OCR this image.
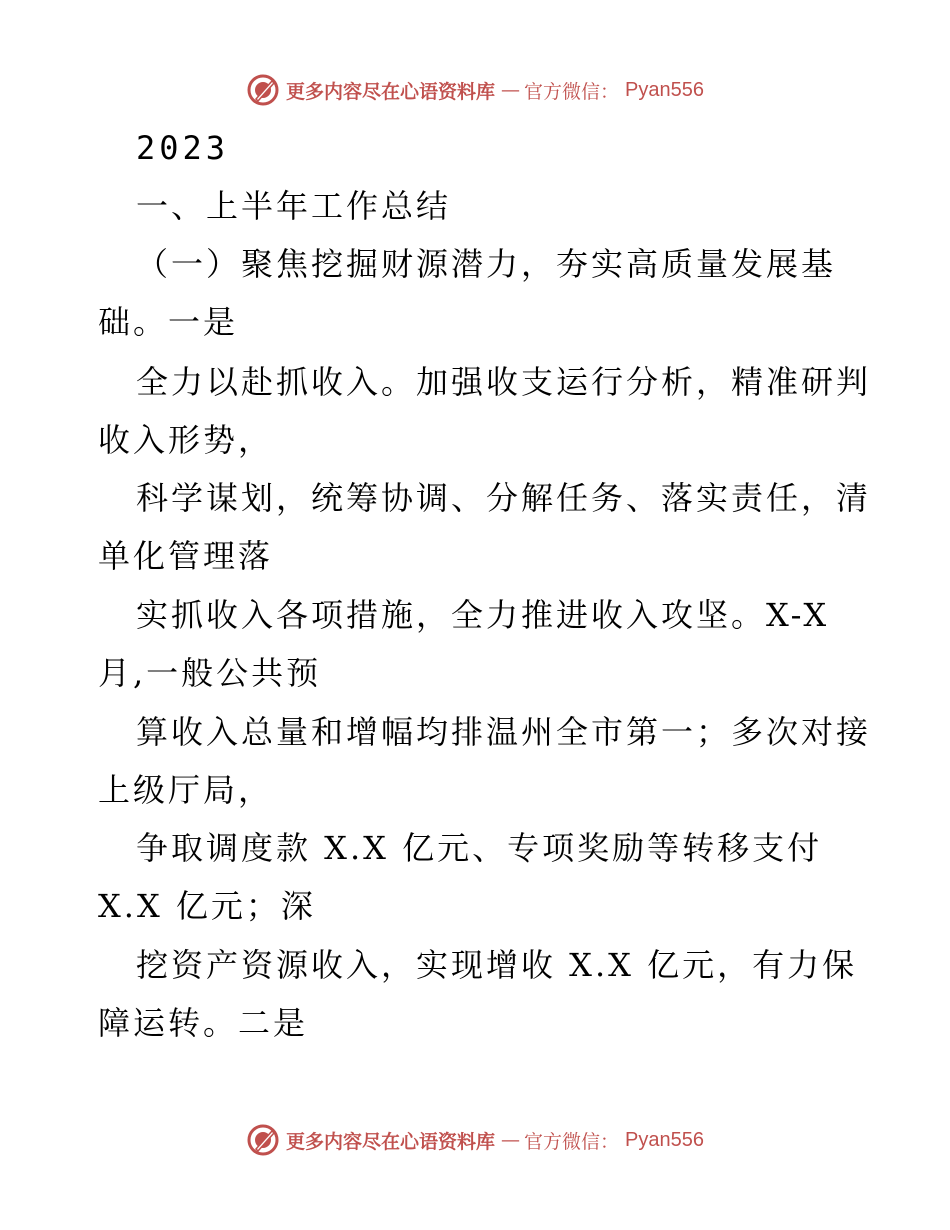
更多内容尽在心语资料库 — 官方微信： Pyan556
2023
一、上半年工作总结
（一）聚焦挖掘财源潜力，夯实高质量发展基
础。一是
全力以赴抓收入。加强收支运行分析，精准研判
收入形势，
科学谋划，统筹协调、分解任务、落实责任，清
单化管理落
实抓收入各项措施，全力推进收入攻坚。X-X
月,一般公共预
算收入总量和增幅均排温州全市第一；多次对接
上级厅局，
争取调度款 X.X 亿元、专项奖励等转移支付
X.X 亿元；深
挖资产资源收入，实现增收 X.X 亿元，有力保
障运转。二是
更多内容尽在心语资料库 — 官方微信： Pyan556
